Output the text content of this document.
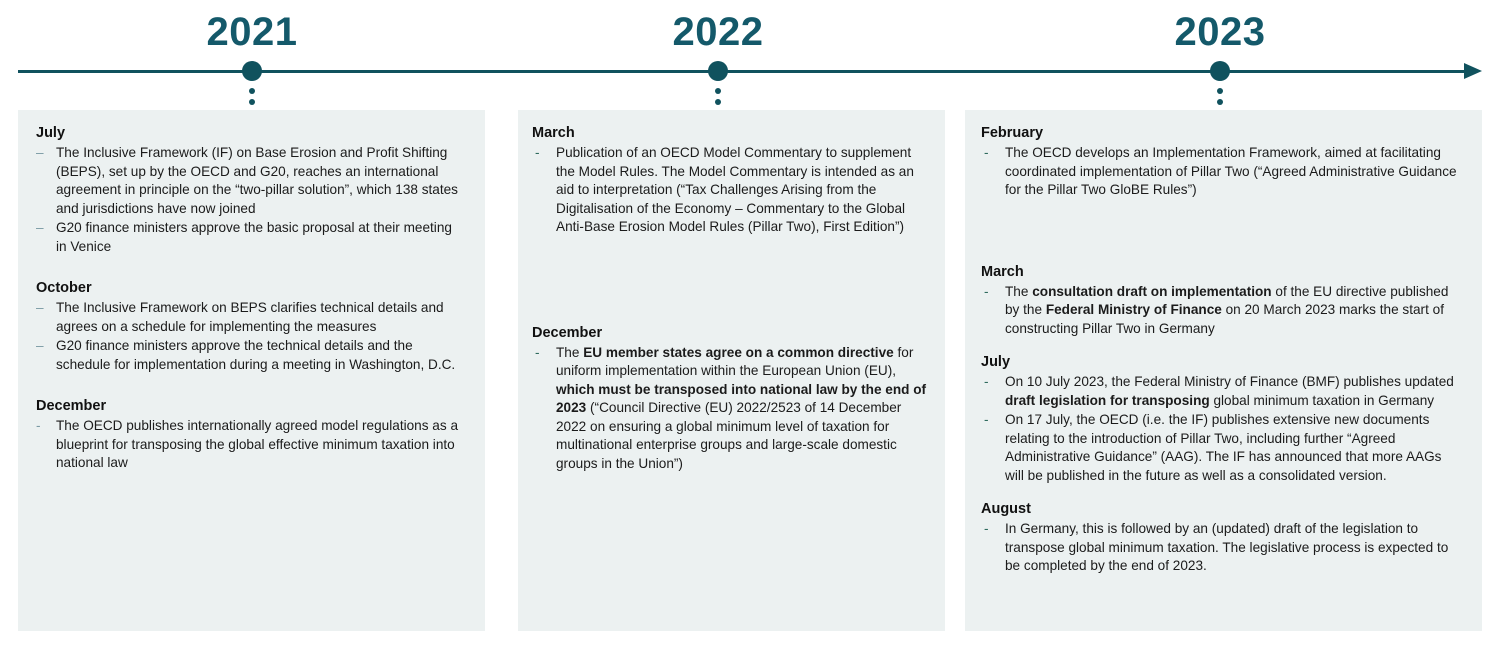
2021	2022	2023
July
– The Inclusive Framework (IF) on Base Erosion and Profit Shifting (BEPS), set up by the OECD and G20, reaches an international agreement in principle on the “two-pillar solution”, which 138 states and jurisdictions have now joined
– G20 finance ministers approve the basic proposal at their meeting in Venice
October
– The Inclusive Framework on BEPS clarifies technical details and agrees on a schedule for implementing the measures
– G20 finance ministers approve the technical details and the schedule for implementation during a meeting in Washington, D.C.
December
- The OECD publishes internationally agreed model regulations as a blueprint for transposing the global effective minimum taxation into national law
March
- Publication of an OECD Model Commentary to supplement the Model Rules. The Model Commentary is intended as an aid to interpretation (“Tax Challenges Arising from the Digitalisation of the Economy – Commentary to the Global Anti-Base Erosion Model Rules (Pillar Two), First Edition”)
December
- The EU member states agree on a common directive for uniform implementation within the European Union (EU), which must be transposed into national law by the end of 2023 (“Council Directive (EU) 2022/2523 of 14 December 2022 on ensuring a global minimum level of taxation for multinational enterprise groups and large-scale domestic groups in the Union”)
February
- The OECD develops an Implementation Framework, aimed at facilitating coordinated implementation of Pillar Two (“Agreed Administrative Guidance for the Pillar Two GloBE Rules”)
March
- The consultation draft on implementation of the EU directive published by the Federal Ministry of Finance on 20 March 2023 marks the start of constructing Pillar Two in Germany
July
- On 10 July 2023, the Federal Ministry of Finance (BMF) publishes updated draft legislation for transposing global minimum taxation in Germany
- On 17 July, the OECD (i.e. the IF) publishes extensive new documents relating to the introduction of Pillar Two, including further “Agreed Administrative Guidance” (AAG). The IF has announced that more AAGs will be published in the future as well as a consolidated version.
August
- In Germany, this is followed by an (updated) draft of the legislation to transpose global minimum taxation. The legislative process is expected to be completed by the end of 2023.
